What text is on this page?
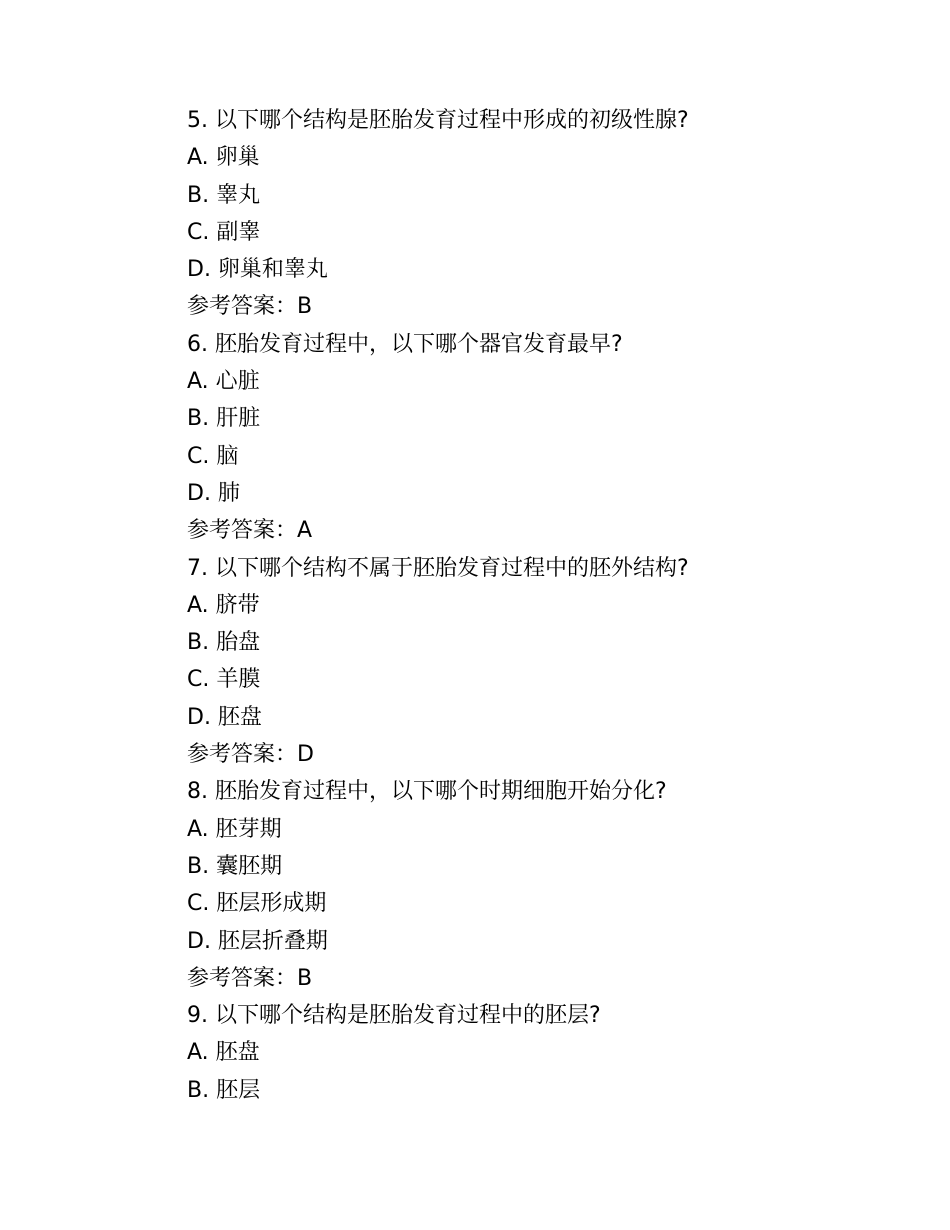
5. 以下哪个结构是胚胎发育过程中形成的初级性腺?
A. 卵巢
B. 睾丸
C. 副睾
D. 卵巢和睾丸
参考答案：B
6. 胚胎发育过程中，以下哪个器官发育最早?
A. 心脏
B. 肝脏
C. 脑
D. 肺
参考答案：A
7. 以下哪个结构不属于胚胎发育过程中的胚外结构?
A. 脐带
B. 胎盘
C. 羊膜
D. 胚盘
参考答案：D
8. 胚胎发育过程中，以下哪个时期细胞开始分化?
A. 胚芽期
B. 囊胚期
C. 胚层形成期
D. 胚层折叠期
参考答案：B
9. 以下哪个结构是胚胎发育过程中的胚层?
A. 胚盘
B. 胚层
